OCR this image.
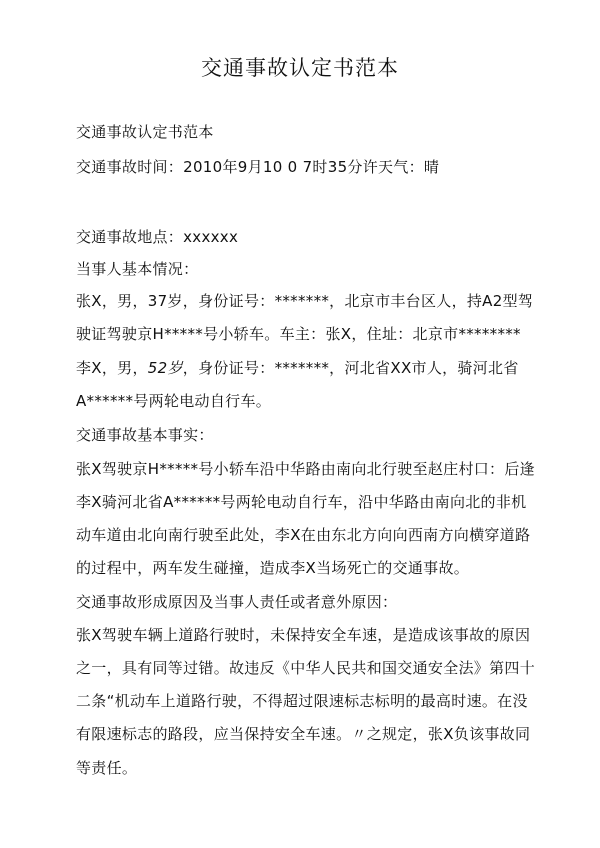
交通事故认定书范本
交通事故认定书范本
交通事故时间：2010年9月10 0 7时35分许天气：晴
交通事故地点：xxxxxx
当事人基本情况：
张X，男，37岁，身份证号：*******，北京市丰台区人，持A2型驾
驶证驾驶京H*****号小轿车。车主：张X，住址：北京市********
李X，男，52岁，身份证号：*******，河北省XX市人，骑河北省
A******号两轮电动自行车。
交通事故基本事实：
张X驾驶京H*****号小轿车沿中华路由南向北行驶至赵庄村口：后逢
李X骑河北省A******号两轮电动自行车，沿中华路由南向北的非机
动车道由北向南行驶至此处，李X在由东北方向向西南方向横穿道路
的过程中，两车发生碰撞，造成李X当场死亡的交通事故。
交通事故形成原因及当事人责任或者意外原因：
张X驾驶车辆上道路行驶时，未保持安全车速，是造成该事故的原因
之一，具有同等过错。故违反《中华人民共和国交通安全法》第四十
二条“机动车上道路行驶，不得超过限速标志标明的最高时速。在没
有限速标志的路段，应当保持安全车速。〃之规定，张X负该事故同
等责任。
